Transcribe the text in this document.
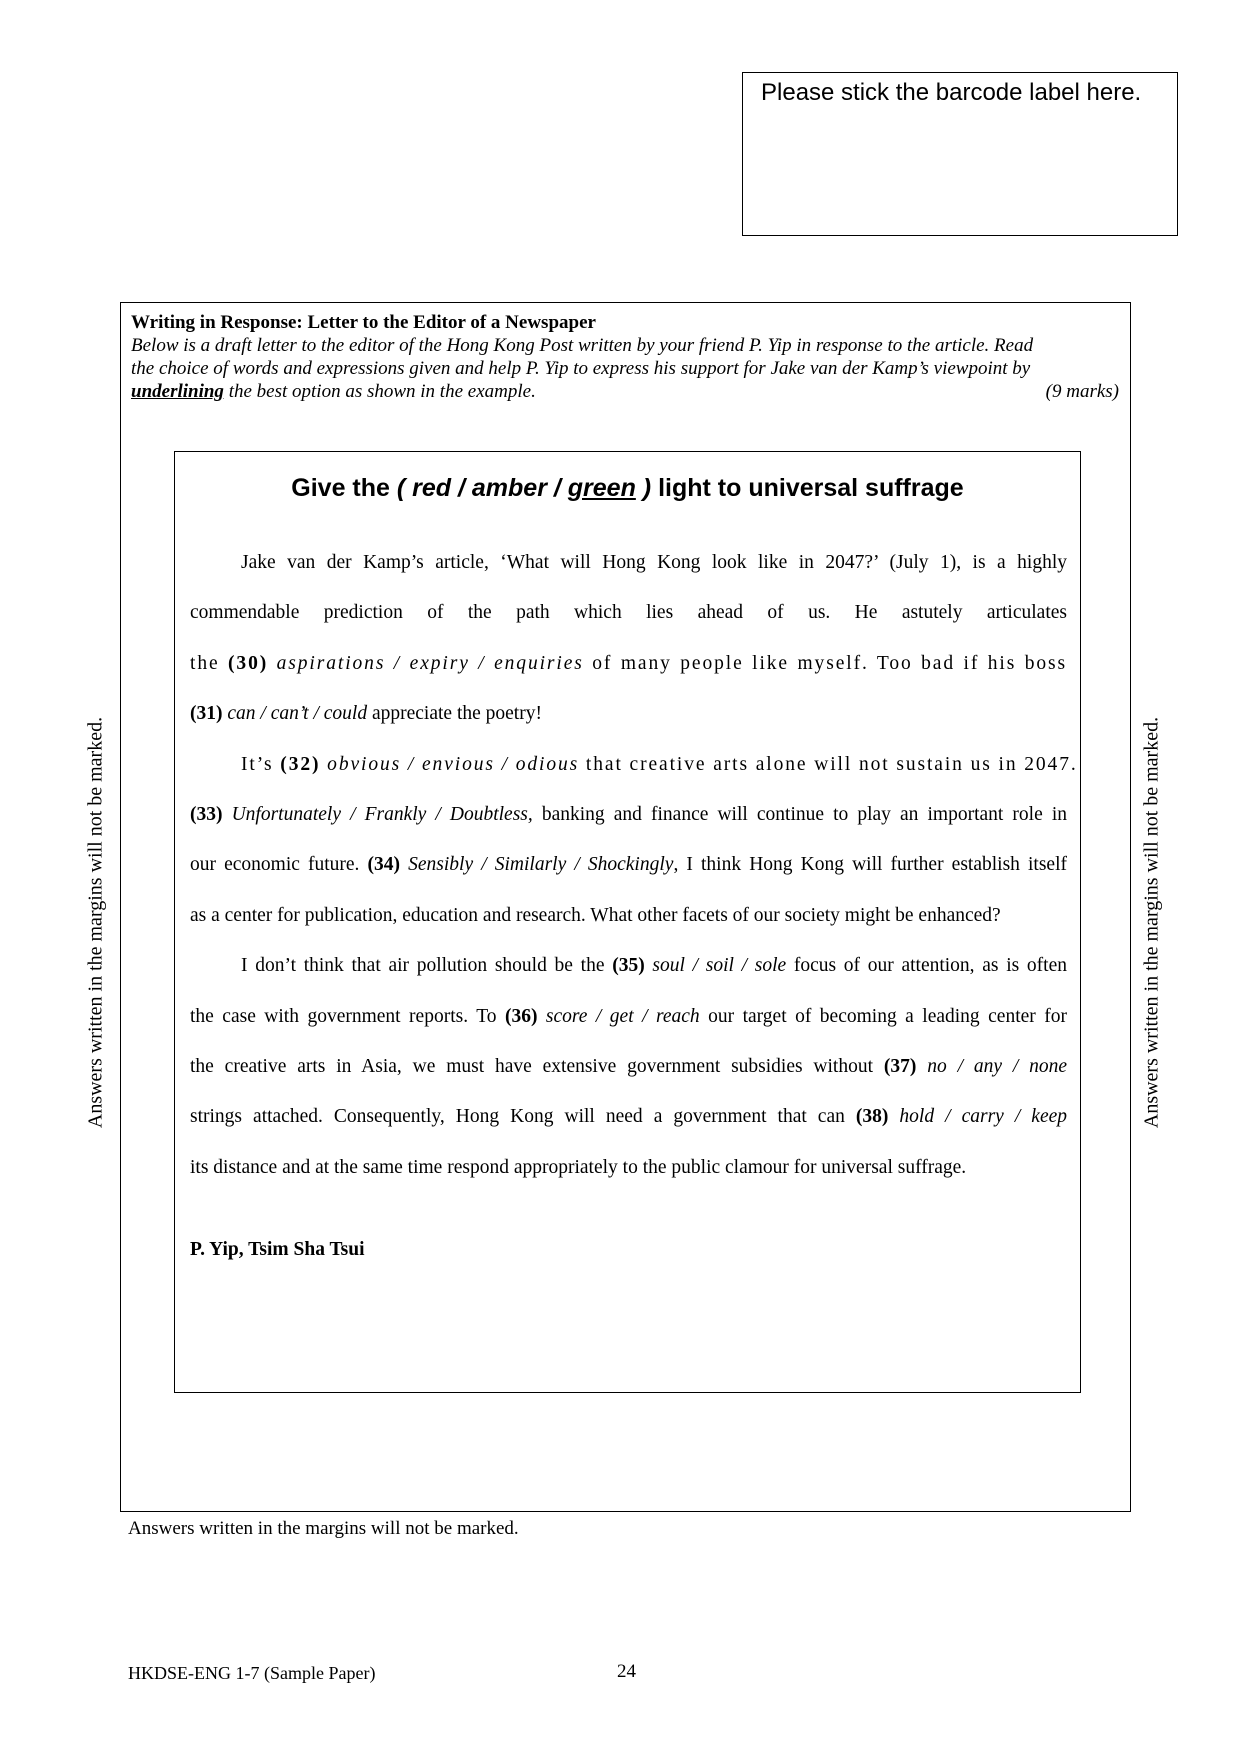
Please stick the barcode label here.
Answers written in the margins will not be marked.	Answers written in the margins will not be marked.
Writing in Response: Letter to the Editor of a Newspaper
Below is a draft letter to the editor of the Hong Kong Post written by your friend P. Yip in response to the article. Read
the choice of words and expressions given and help P. Yip to express his support for Jake van der Kamp’s viewpoint by
underlining the best option as shown in the example.	(9 marks)
Give the ( red / amber / green ) light to universal suffrage
Jake van der Kamp’s article, ‘What will Hong Kong look like in 2047?’ (July 1), is a highly
commendable prediction of the path which lies ahead of us. He astutely articulates
the (30) aspirations / expiry / enquiries of many people like myself. Too bad if his boss
(31) can / can’t / could appreciate the poetry!
It’s (32) obvious / envious / odious that creative arts alone will not sustain us in 2047.
(33) Unfortunately / Frankly / Doubtless, banking and finance will continue to play an important role in
our economic future. (34) Sensibly / Similarly / Shockingly, I think Hong Kong will further establish itself
as a center for publication, education and research. What other facets of our society might be enhanced?
I don’t think that air pollution should be the (35) soul / soil / sole focus of our attention, as is often
the case with government reports. To (36) score / get / reach our target of becoming a leading center for
the creative arts in Asia, we must have extensive government subsidies without (37) no / any / none
strings attached. Consequently, Hong Kong will need a government that can (38) hold / carry / keep
its distance and at the same time respond appropriately to the public clamour for universal suffrage.
P. Yip, Tsim Sha Tsui
Answers written in the margins will not be marked.
HKDSE-ENG 1-7 (Sample Paper)	24
